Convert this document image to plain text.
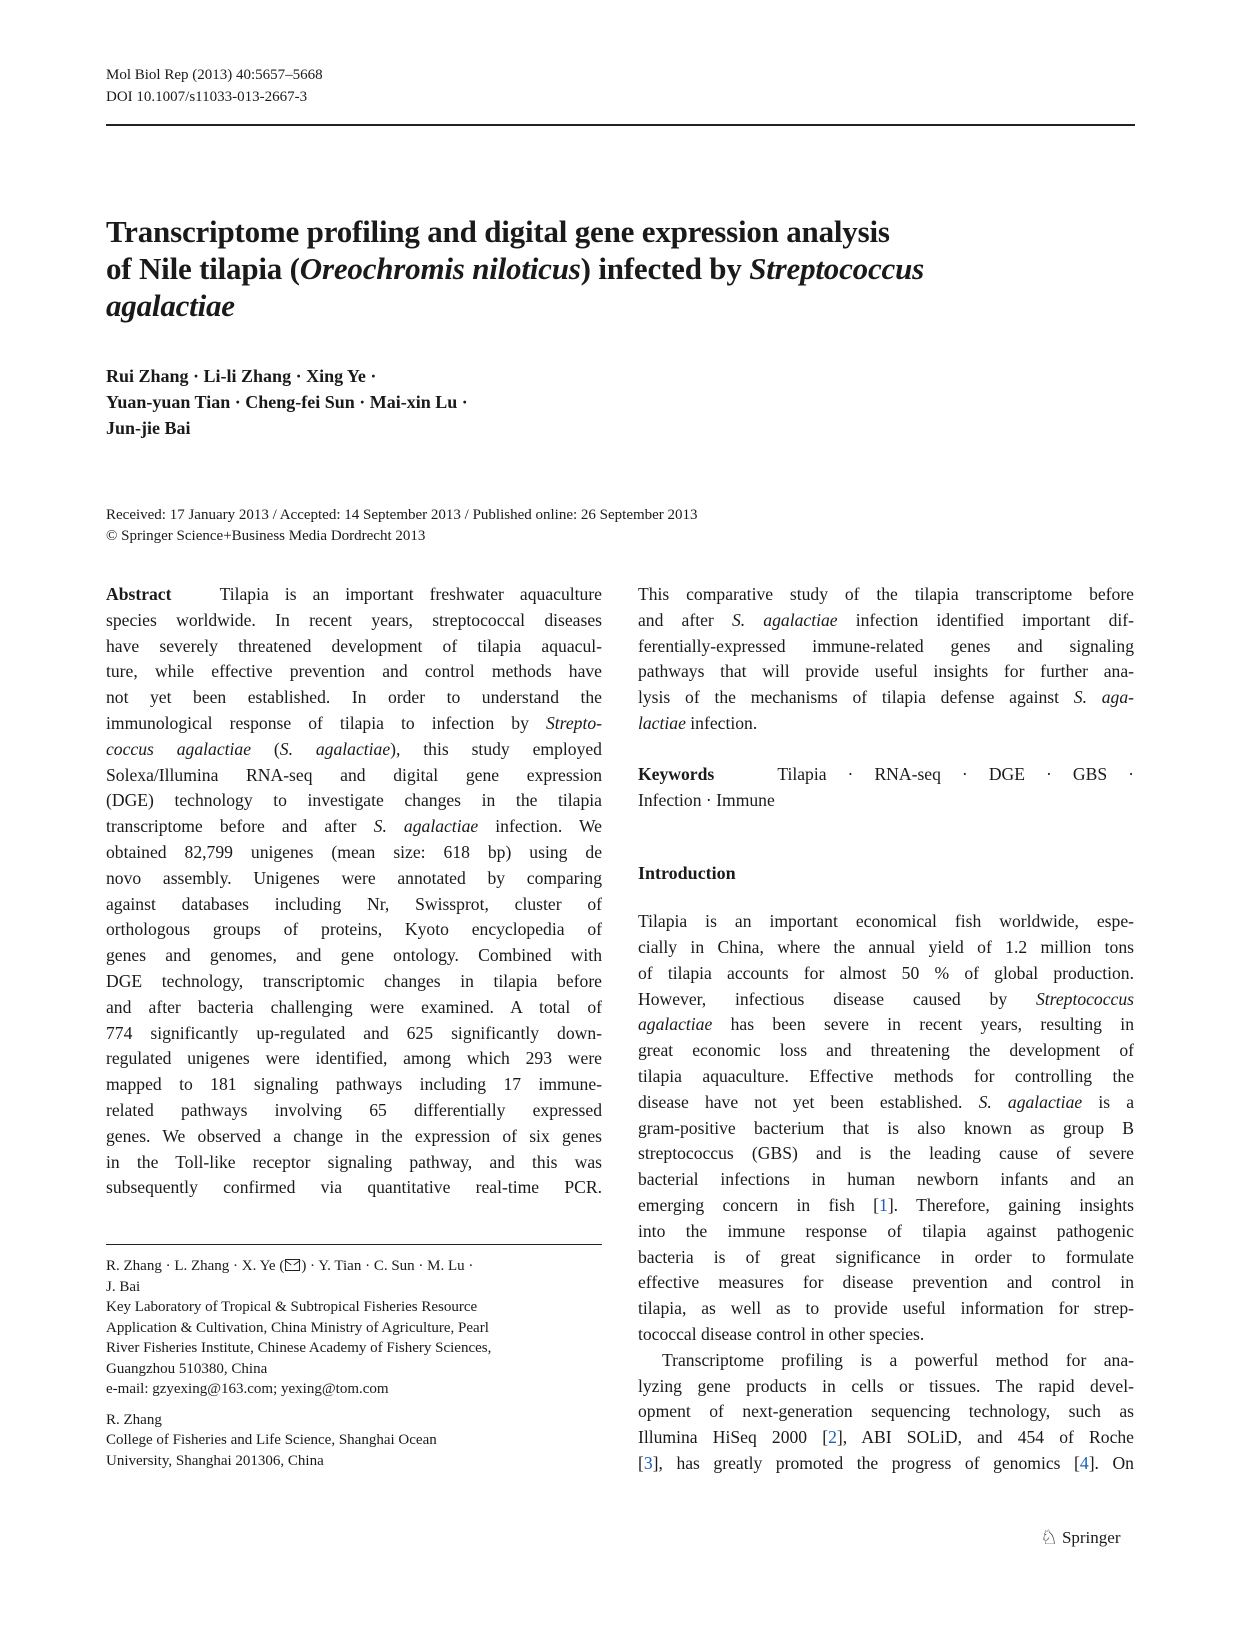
Mol Biol Rep (2013) 40:5657–5668
DOI 10.1007/s11033-013-2667-3
Transcriptome profiling and digital gene expression analysis
of Nile tilapia (Oreochromis niloticus) infected by Streptococcus
agalactiae
Rui Zhang · Li-li Zhang · Xing Ye ·
Yuan-yuan Tian · Cheng-fei Sun · Mai-xin Lu ·
Jun-jie Bai
Received: 17 January 2013 / Accepted: 14 September 2013 / Published online: 26 September 2013
© Springer Science+Business Media Dordrecht 2013
Abstract	Tilapia is an important freshwater aquaculture
species worldwide. In recent years, streptococcal diseases
have severely threatened development of tilapia aquacul-
ture, while effective prevention and control methods have
not yet been established. In order to understand the
immunological response of tilapia to infection by Strepto-
coccus agalactiae (S. agalactiae), this study employed
Solexa/Illumina RNA-seq and digital gene expression
(DGE) technology to investigate changes in the tilapia
transcriptome before and after S. agalactiae infection. We
obtained 82,799 unigenes (mean size: 618 bp) using de
novo assembly. Unigenes were annotated by comparing
against databases including Nr, Swissprot, cluster of
orthologous groups of proteins, Kyoto encyclopedia of
genes and genomes, and gene ontology. Combined with
DGE technology, transcriptomic changes in tilapia before
and after bacteria challenging were examined. A total of
774 significantly up-regulated and 625 significantly down-
regulated unigenes were identified, among which 293 were
mapped to 181 signaling pathways including 17 immune-
related pathways involving 65 differentially expressed
genes. We observed a change in the expression of six genes
in the Toll-like receptor signaling pathway, and this was
subsequently confirmed via quantitative real-time PCR.
R. Zhang · L. Zhang · X. Ye ( ) · Y. Tian · C. Sun · M. Lu ·
J. Bai
Key Laboratory of Tropical & Subtropical Fisheries Resource
Application & Cultivation, China Ministry of Agriculture, Pearl
River Fisheries Institute, Chinese Academy of Fishery Sciences,
Guangzhou 510380, China
e-mail: gzyexing@163.com; yexing@tom.com
R. Zhang
College of Fisheries and Life Science, Shanghai Ocean
University, Shanghai 201306, China
This comparative study of the tilapia transcriptome before
and after S. agalactiae infection identified important dif-
ferentially-expressed immune-related genes and signaling
pathways that will provide useful insights for further ana-
lysis of the mechanisms of tilapia defense against S. aga-
lactiae infection.
Keywords	Tilapia · RNA-seq · DGE · GBS ·
Infection · Immune
Introduction
Tilapia is an important economical fish worldwide, espe-
cially in China, where the annual yield of 1.2 million tons
of tilapia accounts for almost 50 % of global production.
However, infectious disease caused by Streptococcus
agalactiae has been severe in recent years, resulting in
great economic loss and threatening the development of
tilapia aquaculture. Effective methods for controlling the
disease have not yet been established. S. agalactiae is a
gram-positive bacterium that is also known as group B
streptococcus (GBS) and is the leading cause of severe
bacterial infections in human newborn infants and an
emerging concern in fish [1]. Therefore, gaining insights
into the immune response of tilapia against pathogenic
bacteria is of great significance in order to formulate
effective measures for disease prevention and control in
tilapia, as well as to provide useful information for strep-
tococcal disease control in other species.
Transcriptome profiling is a powerful method for ana-
lyzing gene products in cells or tissues. The rapid devel-
opment of next-generation sequencing technology, such as
Illumina HiSeq 2000 [2], ABI SOLiD, and 454 of Roche
[3], has greatly promoted the progress of genomics [4]. On
♘ Springer
